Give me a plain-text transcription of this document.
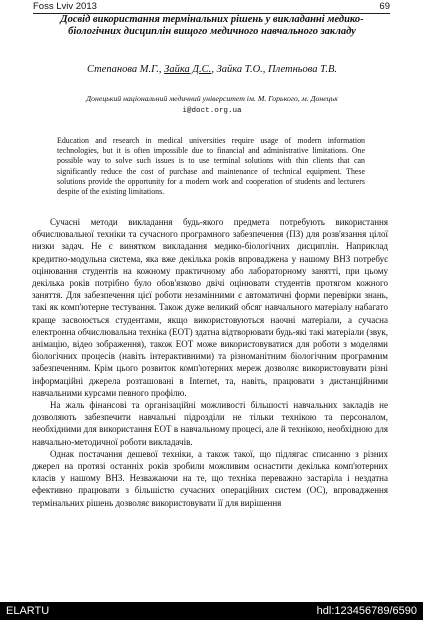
Foss Lviv 2013	69
Досвід використання термінальних рішень у викладанні медико-біологічних дисциплін вищого медичного навчального закладу
Степанова М.Г., Зайка Д.С., Зайка Т.О., Плетньова Т.В.
Донецький національний медичний університет ім. М. Горького, м. Донецьк
i@doct.org.ua

Education and research in medical universities require usage of modern information technologies, but it is often impossible due to financial and administrative limitations. One possible way to solve such issues is to use terminal solutions with thin clients that can significantly reduce the cost of purchase and maintenance of technical equipment. These solutions provide the opportunity for a modern work and cooperation of students and lecturers despite of the existing limitations.

Сучасні методи викладання будь-якого предмета потребують використання обчислювальної техніки та сучасного програмного забезпечення (ПЗ) для розв'язання цілої низки задач. Не є винятком викладання медико-біологічних дисциплін. Наприклад кредитно-модульна система, яка вже декілька років впроваджена у нашому ВНЗ потребує оцінювання студентів на кожному практичному або лабораторному занятті, при цьому декілька років потрібно було обов'язково двічі оцінювати студентів протягом кожного заняття. Для забезпечення цієї роботи незамінними є автоматичні форми перевірки знань, такі як комп'ютерне тестування. Також дуже великий обсяг навчального матеріалу набагато краще засвоюється студентами, якщо використовуються наочні матеріали, а сучасна електронна обчислювальна техніка (ЕОТ) здатна відтворювати будь-які такі матеріали (звук, анімацію, відео зображення), також ЕОТ може використовуватися для роботи з моделями біологічних процесів (навіть інтерактивними) та різноманітним біологічним програмним забезпеченням. Крім цього розвиток комп'ютерних мереж дозволяє використовувати різні інформаційні джерела розташовані в Internet, та, навіть, працювати з дистанційними навчальними курсами певного профілю.

На жаль фінансові та організаційні можливості більшості навчальних закладів не дозволяють забезпечити навчальні підрозділи не тільки технікою та персоналом, необхідними для використання ЕОТ в навчальному процесі, але й технікою, необхідною для навчально-методичної роботи викладачів.

Однак постачання дешевої техніки, а також такої, що підлягає списанню з різних джерел на протязі останніх років зробили можливим оснастити декілька комп'ютерних класів у нашому ВНЗ. Незважаючи на те, що техніка переважно застаріла і нездатна ефективно працювати з більшістю сучасних операційних систем (ОС), впровадження термінальних рішень дозволяє використовувати її для вирішення

ELARTU	hdl:123456789/6590
